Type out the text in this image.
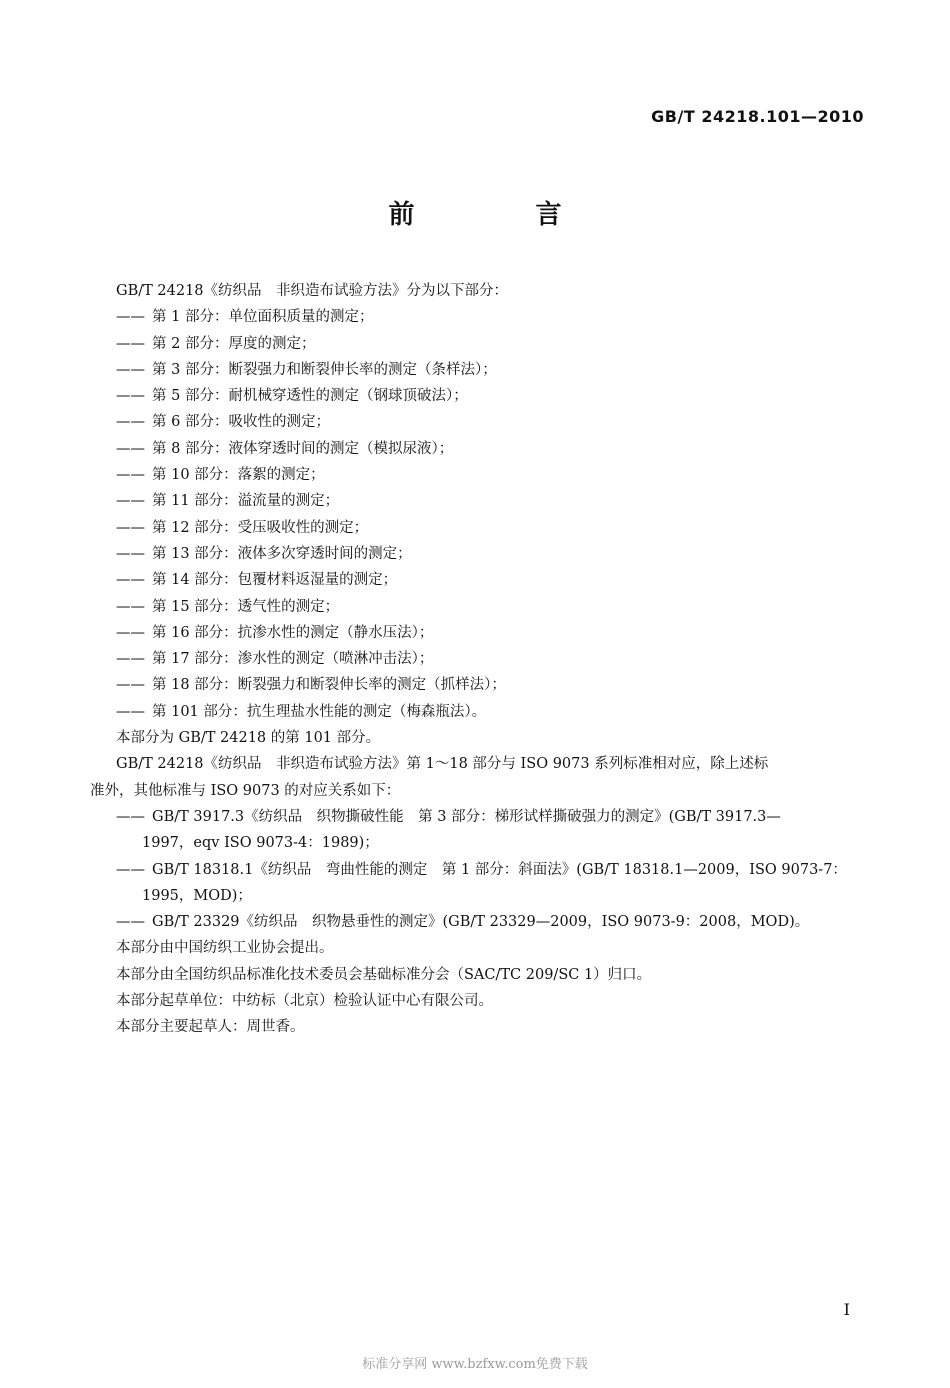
GB/T 24218.101—2010
前 言
GB/T 24218《纺织品　非织造布试验方法》分为以下部分：
—— 第 1 部分：单位面积质量的测定；
—— 第 2 部分：厚度的测定；
—— 第 3 部分：断裂强力和断裂伸长率的测定（条样法）；
—— 第 5 部分：耐机械穿透性的测定（钢球顶破法）；
—— 第 6 部分：吸收性的测定；
—— 第 8 部分：液体穿透时间的测定（模拟尿液）；
—— 第 10 部分：落絮的测定；
—— 第 11 部分：溢流量的测定；
—— 第 12 部分：受压吸收性的测定；
—— 第 13 部分：液体多次穿透时间的测定；
—— 第 14 部分：包覆材料返湿量的测定；
—— 第 15 部分：透气性的测定；
—— 第 16 部分：抗渗水性的测定（静水压法）；
—— 第 17 部分：渗水性的测定（喷淋冲击法）；
—— 第 18 部分：断裂强力和断裂伸长率的测定（抓样法）；
—— 第 101 部分：抗生理盐水性能的测定（梅森瓶法）。
本部分为 GB/T 24218 的第 101 部分。
GB/T 24218《纺织品　非织造布试验方法》第 1～18 部分与 ISO 9073 系列标准相对应，除上述标
准外，其他标准与 ISO 9073 的对应关系如下：
—— GB/T 3917.3《纺织品　织物撕破性能　第 3 部分：梯形试样撕破强力的测定》(GB/T 3917.3—
1997，eqv ISO 9073-4：1989)；
—— GB/T 18318.1《纺织品　弯曲性能的测定　第 1 部分：斜面法》(GB/T 18318.1—2009，ISO 9073-7：
1995，MOD)；
—— GB/T 23329《纺织品　织物悬垂性的测定》(GB/T 23329—2009，ISO 9073-9：2008，MOD)。
本部分由中国纺织工业协会提出。
本部分由全国纺织品标准化技术委员会基础标准分会（SAC/TC 209/SC 1）归口。
本部分起草单位：中纺标（北京）检验认证中心有限公司。
本部分主要起草人：周世香。
I
标准分享网 www.bzfxw.com免费下载
